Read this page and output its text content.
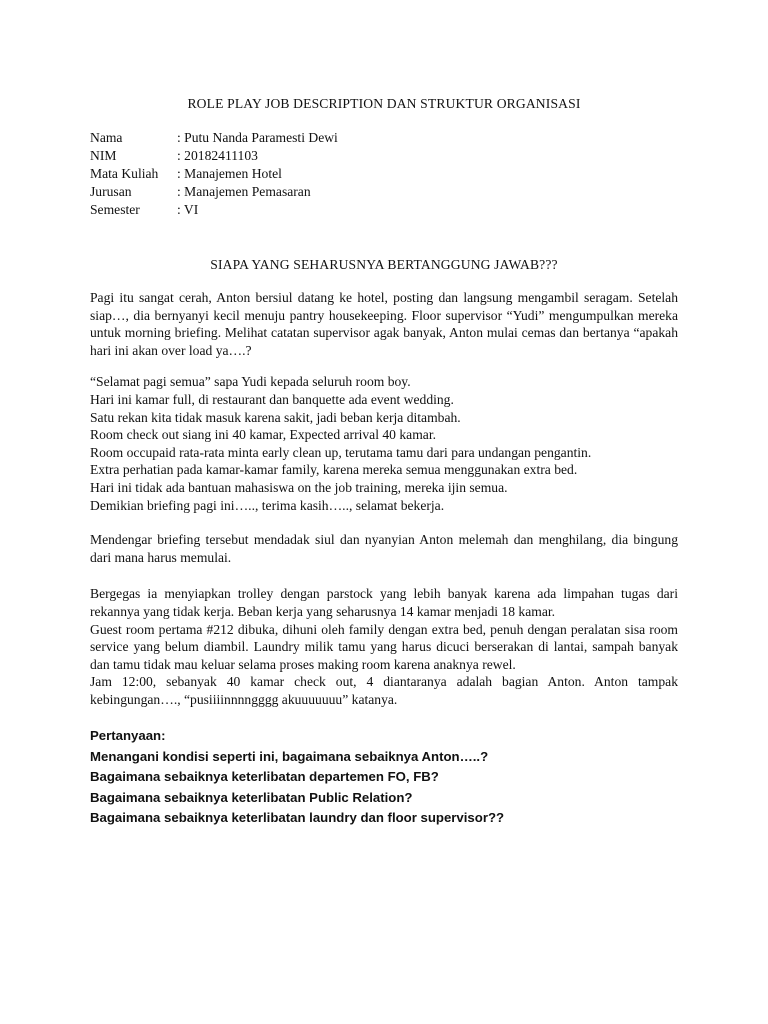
ROLE PLAY JOB DESCRIPTION DAN STRUKTUR ORGANISASI
Nama	: Putu Nanda Paramesti Dewi
NIM	: 20182411103
Mata Kuliah	: Manajemen Hotel
Jurusan	: Manajemen Pemasaran
Semester	: VI
SIAPA YANG SEHARUSNYA BERTANGGUNG JAWAB???

Pagi itu sangat cerah, Anton bersiul datang ke hotel, posting dan langsung mengambil seragam. Setelah siap…, dia bernyanyi kecil menuju pantry housekeeping. Floor supervisor “Yudi” mengumpulkan mereka untuk morning briefing. Melihat catatan supervisor agak banyak, Anton mulai cemas dan bertanya “apakah hari ini akan over load ya….?

“Selamat pagi semua” sapa Yudi kepada seluruh room boy.
Hari ini kamar full, di restaurant dan banquette ada event wedding.
Satu rekan kita tidak masuk karena sakit, jadi beban kerja ditambah.
Room check out siang ini 40 kamar, Expected arrival 40 kamar.
Room occupaid rata-rata minta early clean up, terutama tamu dari para undangan pengantin.
Extra perhatian pada kamar-kamar family, karena mereka semua menggunakan extra bed.
Hari ini tidak ada bantuan mahasiswa on the job training, mereka ijin semua.
Demikian briefing pagi ini….., terima kasih….., selamat bekerja.

Mendengar briefing tersebut mendadak siul dan nyanyian Anton melemah dan menghilang, dia bingung dari mana harus memulai.

Bergegas ia menyiapkan trolley dengan parstock yang lebih banyak karena ada limpahan tugas dari rekannya yang tidak kerja. Beban kerja yang seharusnya 14 kamar menjadi 18 kamar.

Guest room pertama #212 dibuka, dihuni oleh family dengan extra bed, penuh dengan peralatan sisa room service yang belum diambil. Laundry milik tamu yang harus dicuci berserakan di lantai, sampah banyak dan tamu tidak mau keluar selama proses making room karena anaknya rewel.

Jam 12:00, sebanyak 40 kamar check out, 4 diantaranya adalah bagian Anton. Anton tampak kebingungan…., “pusiiiinnnngggg akuuuuuuu” katanya.

Pertanyaan:
Menangani kondisi seperti ini, bagaimana sebaiknya Anton…..?
Bagaimana sebaiknya keterlibatan departemen FO, FB?
Bagaimana sebaiknya keterlibatan Public Relation?
Bagaimana sebaiknya keterlibatan laundry dan floor supervisor??
